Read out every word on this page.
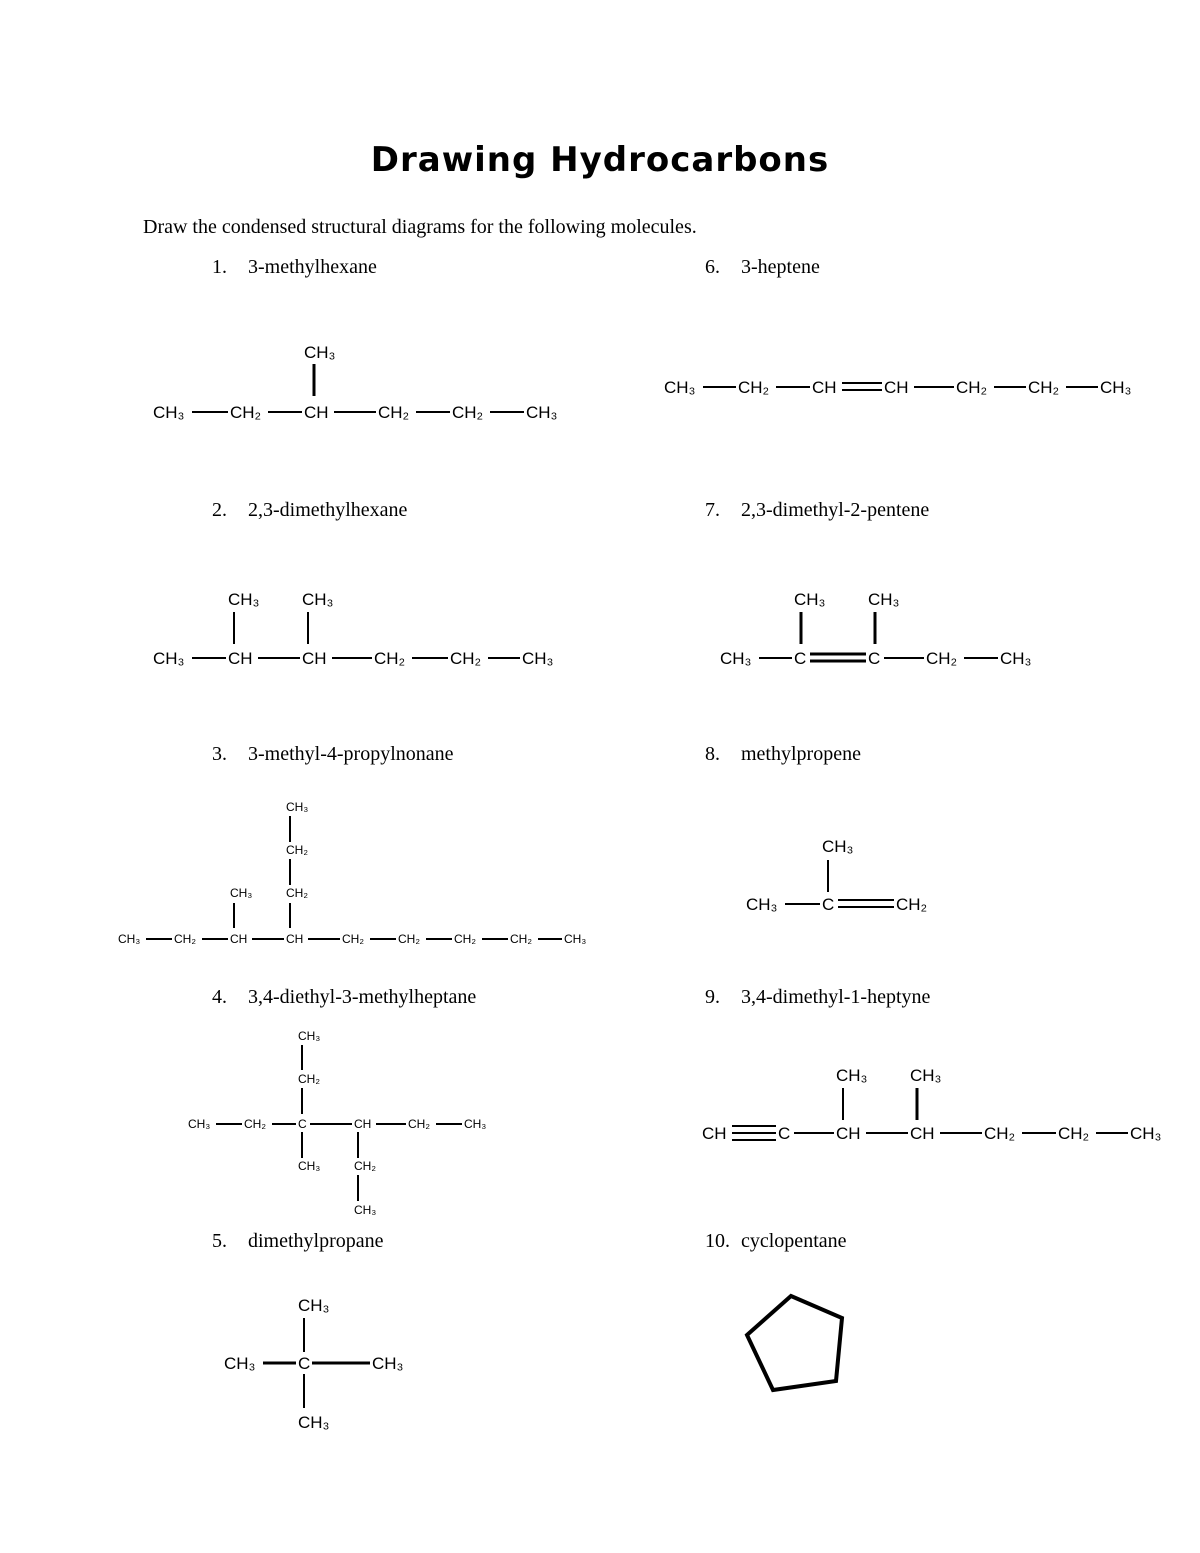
Drawing Hydrocarbons
Draw the condensed structural diagrams for the following molecules.
1. 3-methylhexane
2. 2,3-dimethylhexane
3. 3-methyl-4-propylnonane
4. 3,4-diethyl-3-methylheptane
5. dimethylpropane
6. 3-heptene
7. 2,3-dimethyl-2-pentene
8. methylpropene
9. 3,4-dimethyl-1-heptyne
10. cyclopentane
CH₃	CH₂	CH	CH₂	CH₂	CH₃
CH₃
CH₃	CH	CH	CH₂	CH₂ CH₃
CH₃	CH₃
CH₃	CH₂	CH	CH	CH₂	CH₂	CH₂	CH₂	CH₃
CH₃
CH₃
CH₂
CH₂
CH₃	CH₂	C	CH	CH₂	CH₃
CH₃
CH₂
CH₃	CH₂
CH₃
CH₃
CH₃	C	CH₃
CH₃
CH₃	CH₂	CH	CH	CH₂ CH₂ CH₃
CH₃	C	C	CH₂	CH₃
CH₃	CH₃
CH₃
CH₃	C	CH₂
CH	C	CH	CH	CH₂	CH₂ CH₃
CH₃	CH₃
